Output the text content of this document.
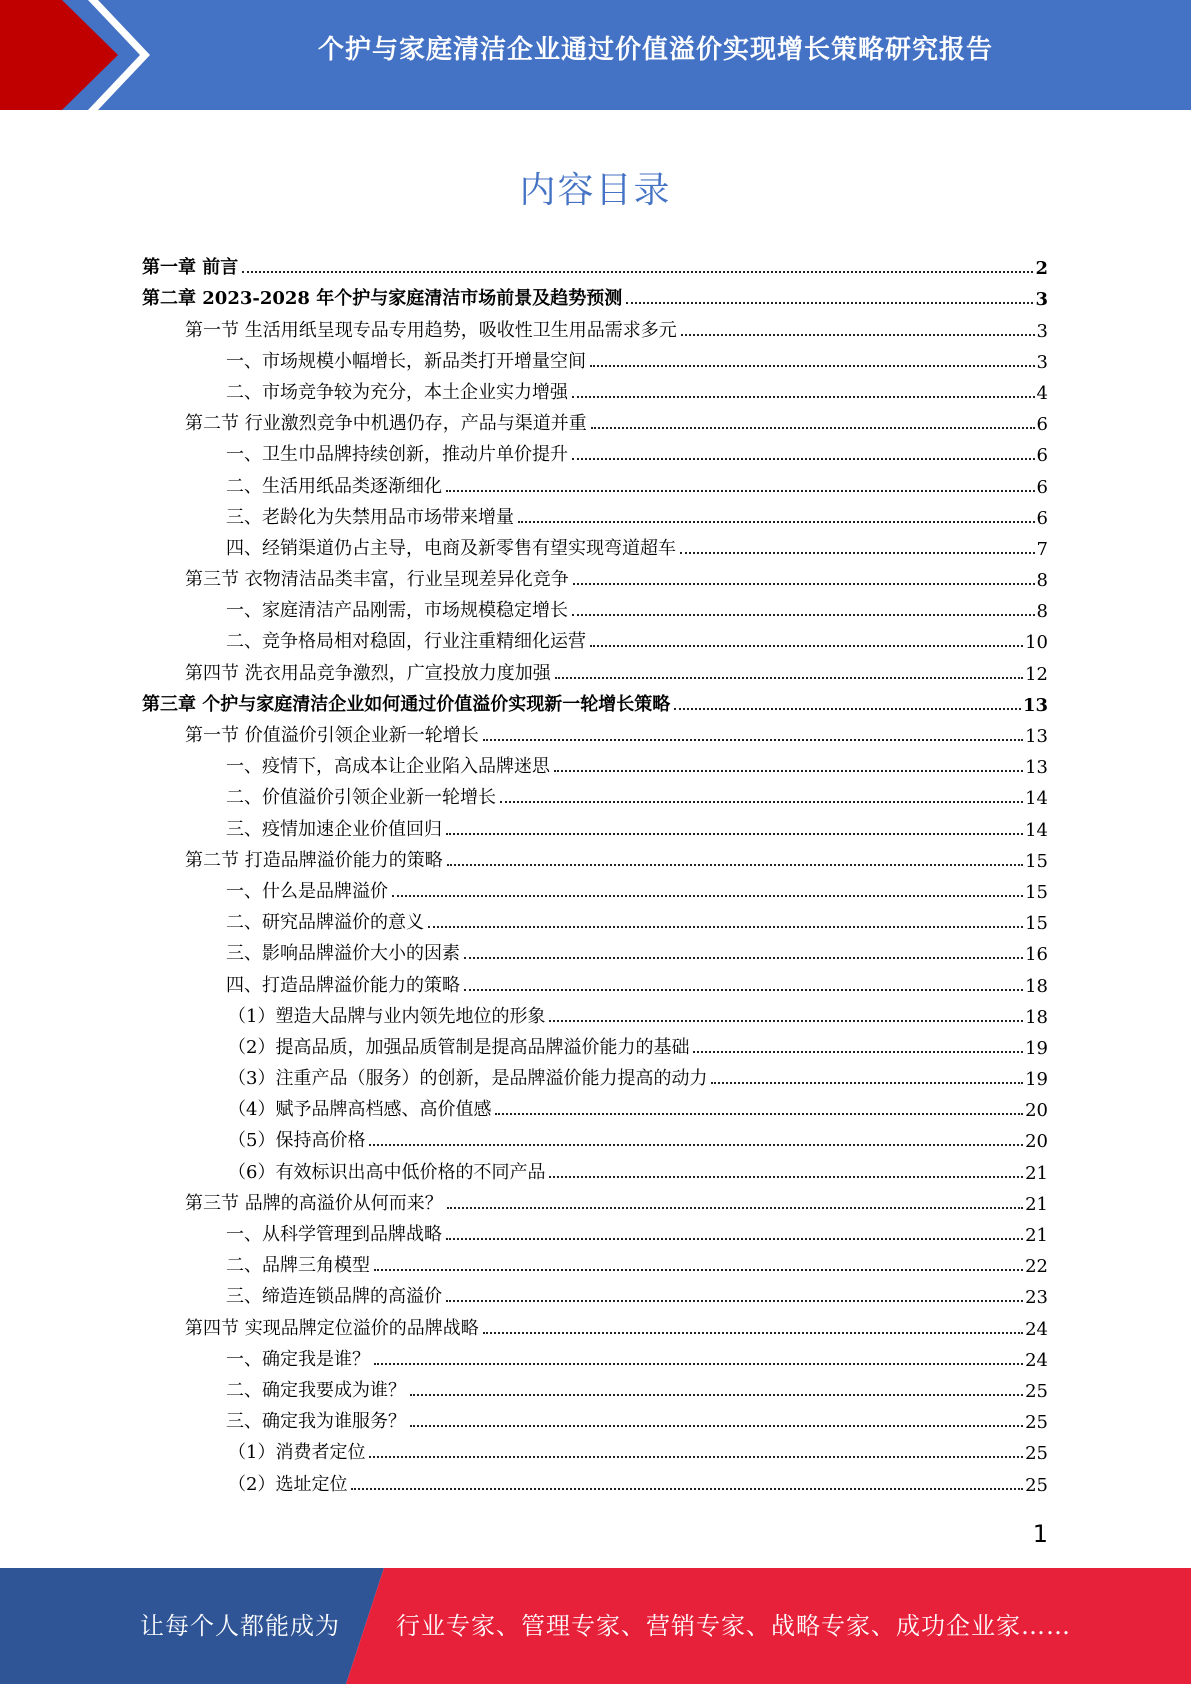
个护与家庭清洁企业通过价值溢价实现增长策略研究报告
内容目录
第一章 前言	2
第二章 2023-2028 年个护与家庭清洁市场前景及趋势预测	3
第一节 生活用纸呈现专品专用趋势，吸收性卫生用品需求多元	3
一、市场规模小幅增长，新品类打开增量空间	3
二、市场竞争较为充分，本土企业实力增强	4
第二节 行业激烈竞争中机遇仍存，产品与渠道并重	6
一、卫生巾品牌持续创新，推动片单价提升	6
二、生活用纸品类逐渐细化	6
三、老龄化为失禁用品市场带来增量	6
四、经销渠道仍占主导，电商及新零售有望实现弯道超车	7
第三节 衣物清洁品类丰富，行业呈现差异化竞争	8
一、家庭清洁产品刚需，市场规模稳定增长	8
二、竞争格局相对稳固，行业注重精细化运营	10
第四节 洗衣用品竞争激烈，广宣投放力度加强	12
第三章 个护与家庭清洁企业如何通过价值溢价实现新一轮增长策略	13
第一节 价值溢价引领企业新一轮增长	13
一、疫情下，高成本让企业陷入品牌迷思	13
二、价值溢价引领企业新一轮增长	14
三、疫情加速企业价值回归	14
第二节 打造品牌溢价能力的策略	15
一、什么是品牌溢价	15
二、研究品牌溢价的意义	15
三、影响品牌溢价大小的因素	16
四、打造品牌溢价能力的策略	18
（1）塑造大品牌与业内领先地位的形象	18
（2）提高品质，加强品质管制是提高品牌溢价能力的基础	19
（3）注重产品（服务）的创新，是品牌溢价能力提高的动力	19
（4）赋予品牌高档感、高价值感	20
（5）保持高价格	20
（6）有效标识出高中低价格的不同产品	21
第三节 品牌的高溢价从何而来？	21
一、从科学管理到品牌战略	21
二、品牌三角模型	22
三、缔造连锁品牌的高溢价	23
第四节 实现品牌定位溢价的品牌战略	24
一、确定我是谁？	24
二、确定我要成为谁？	25
三、确定我为谁服务？	25
（1）消费者定位	25
（2）选址定位	25
1
让每个人都能成为 行业专家、管理专家、营销专家、战略专家、成功企业家……
